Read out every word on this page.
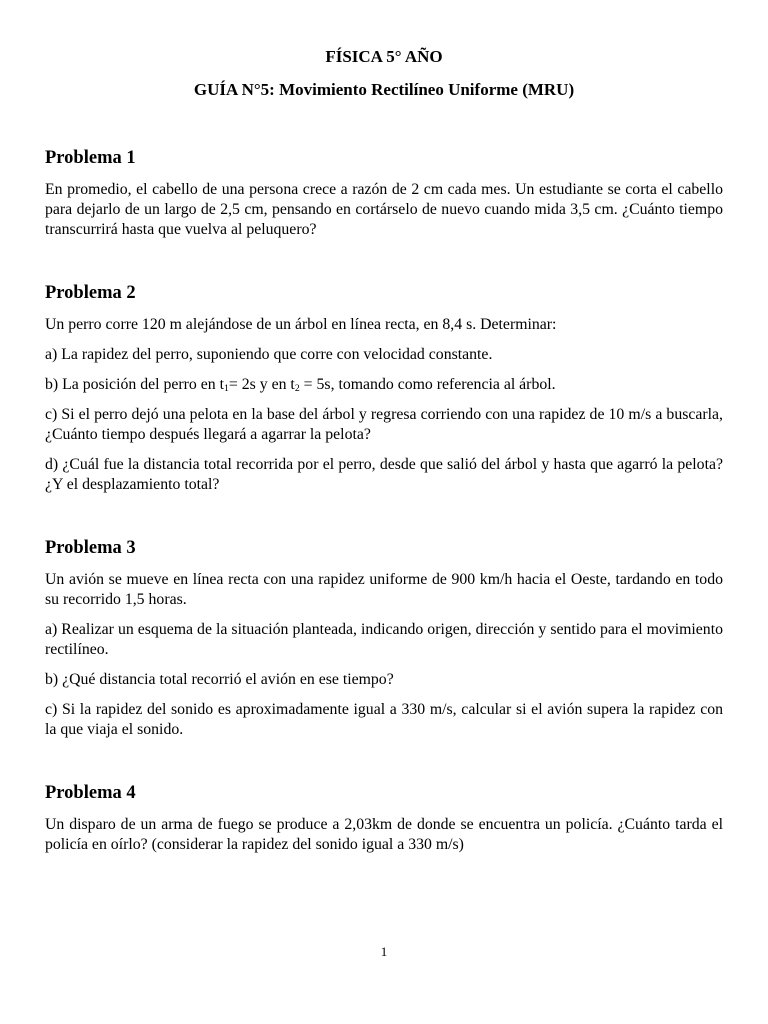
FÍSICA 5° AÑO
GUÍA N°5: Movimiento Rectilíneo Uniforme (MRU)
Problema 1
En promedio, el cabello de una persona crece a razón de 2 cm cada mes. Un estudiante se corta el cabello
para dejarlo de un largo de 2,5 cm, pensando en cortárselo de nuevo cuando mida 3,5 cm. ¿Cuánto tiempo
transcurrirá hasta que vuelva al peluquero?
Problema 2
Un perro corre 120 m alejándose de un árbol en línea recta, en 8,4 s. Determinar:
a) La rapidez del perro, suponiendo que corre con velocidad constante.
b) La posición del perro en $t_1= 2s$ y en $t_2 = 5s$, tomando como referencia al árbol.
c) Si el perro dejó una pelota en la base del árbol y regresa corriendo con una rapidez de 10 m/s a buscarla,
¿Cuánto tiempo después llegará a agarrar la pelota?
d) ¿Cuál fue la distancia total recorrida por el perro, desde que salió del árbol y hasta que agarró la pelota?
¿Y el desplazamiento total?
Problema 3
Un avión se mueve en línea recta con una rapidez uniforme de 900 km/h hacia el Oeste, tardando en todo
su recorrido 1,5 horas.
a) Realizar un esquema de la situación planteada, indicando origen, dirección y sentido para el movimiento
rectilíneo.
b) ¿Qué distancia total recorrió el avión en ese tiempo?
c) Si la rapidez del sonido es aproximadamente igual a 330 m/s, calcular si el avión supera la rapidez con
la que viaja el sonido.
Problema 4
Un disparo de un arma de fuego se produce a 2,03km de donde se encuentra un policía. ¿Cuánto tarda el
policía en oírlo? (considerar la rapidez del sonido igual a 330 m/s)
1
